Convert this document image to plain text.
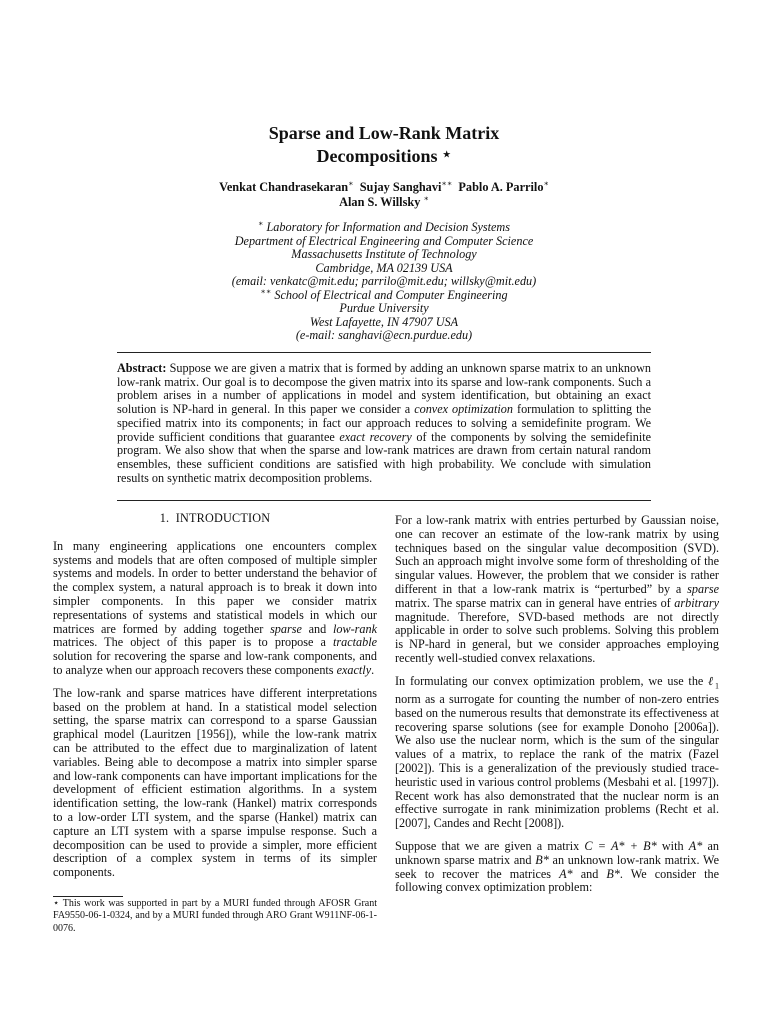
Sparse and Low-Rank Matrix
Decompositions ⋆
Venkat Chandrasekaran∗ Sujay Sanghavi∗∗ Pablo A. Parrilo∗
Alan S. Willsky ∗
∗ Laboratory for Information and Decision Systems
Department of Electrical Engineering and Computer Science
Massachusetts Institute of Technology
Cambridge, MA 02139 USA
(email: venkatc@mit.edu; parrilo@mit.edu; willsky@mit.edu)
∗∗ School of Electrical and Computer Engineering
Purdue University
West Lafayette, IN 47907 USA
(e-mail: sanghavi@ecn.purdue.edu)
Abstract: Suppose we are given a matrix that is formed by adding an unknown sparse matrix to an unknown low-rank matrix. Our goal is to decompose the given matrix into its sparse and low-rank components. Such a problem arises in a number of applications in model and system identification, but obtaining an exact solution is NP-hard in general. In this paper we consider a convex optimization formulation to splitting the specified matrix into its components; in fact our approach reduces to solving a semidefinite program. We provide sufficient conditions that guarantee exact recovery of the components by solving the semidefinite program. We also show that when the sparse and low-rank matrices are drawn from certain natural random ensembles, these sufficient conditions are satisfied with high probability. We conclude with simulation results on synthetic matrix decomposition problems.
1. INTRODUCTION

In many engineering applications one encounters complex systems and models that are often composed of multiple simpler systems and models. In order to better understand the behavior of the complex system, a natural approach is to break it down into simpler components. In this paper we consider matrix representations of systems and statistical models in which our matrices are formed by adding together sparse and low-rank matrices. The object of this paper is to propose a tractable solution for recovering the sparse and low-rank components, and to analyze when our approach recovers these components exactly.

The low-rank and sparse matrices have different interpretations based on the problem at hand. In a statistical model selection setting, the sparse matrix can correspond to a sparse Gaussian graphical model (Lauritzen [1956]), while the low-rank matrix can be attributed to the effect due to marginalization of latent variables. Being able to decompose a matrix into simpler sparse and low-rank components can have important implications for the development of efficient estimation algorithms. In a system identification setting, the low-rank (Hankel) matrix corresponds to a low-order LTI system, and the sparse (Hankel) matrix can capture an LTI system with a sparse impulse response. Such a decomposition can be used to provide a simpler, more efficient description of a complex system in terms of its simpler components.

⋆ This work was supported in part by a MURI funded through AFOSR Grant FA9550-06-1-0324, and by a MURI funded through ARO Grant W911NF-06-1-0076.

For a low-rank matrix with entries perturbed by Gaussian noise, one can recover an estimate of the low-rank matrix by using techniques based on the singular value decomposition (SVD). Such an approach might involve some form of thresholding of the singular values. However, the problem that we consider is rather different in that a low-rank matrix is “perturbed” by a sparse matrix. The sparse matrix can in general have entries of arbitrary magnitude. Therefore, SVD-based methods are not directly applicable in order to solve such problems. Solving this problem is NP-hard in general, but we consider approaches employing recently well-studied convex relaxations.

In formulating our convex optimization problem, we use the ℓ$_1$ norm as a surrogate for counting the number of non-zero entries based on the numerous results that demonstrate its effectiveness at recovering sparse solutions (see for example Donoho [2006a]). We also use the nuclear norm, which is the sum of the singular values of a matrix, to replace the rank of the matrix (Fazel [2002]). This is a generalization of the previously studied trace-heuristic used in various control problems (Mesbahi et al. [1997]). Recent work has also demonstrated that the nuclear norm is an effective surrogate in rank minimization problems (Recht et al. [2007], Candes and Recht [2008]).

Suppose that we are given a matrix C = A* + B* with A* an unknown sparse matrix and B* an unknown low-rank matrix. We seek to recover the matrices A* and B*. We consider the following convex optimization problem:
